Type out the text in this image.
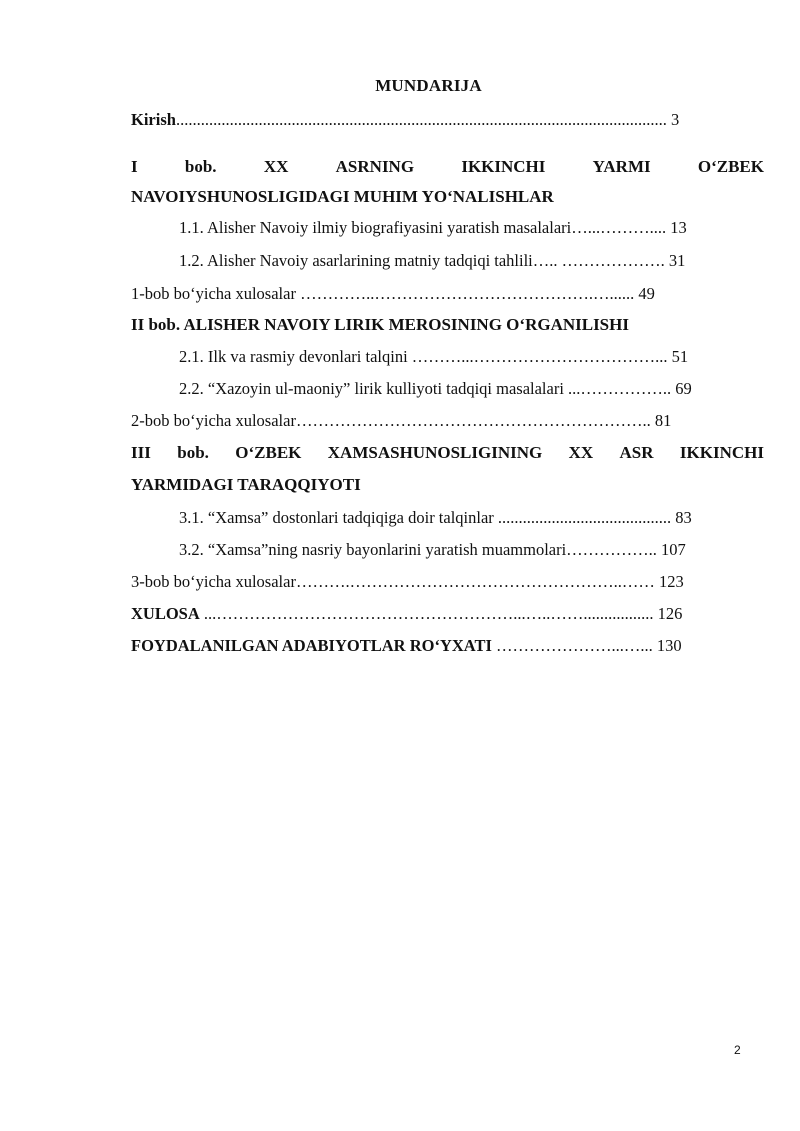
MUNDARIJA
Kirish....................................................................................................................... 3
I	bob.	XX	ASRNING	IKKINCHI	YARMI	O‘ZBEK
NAVOIYSHUNOSLIGIDAGI MUHIM YO‘NALISHLAR
1.1. Alisher Navoiy ilmiy biografiyasini yaratish masalalari…...……….... 13
1.2. Alisher Navoiy asarlarining matniy tadqiqi tahlili….. ………………. 31
1-bob bo‘yicha xulosalar …………..………………………………….…...... 49
II bob. ALISHER NAVOIY LIRIK MEROSINING O‘RGANILISHI
2.1. Ilk va rasmiy devonlari talqini ………...……………………………... 51
2.2. “Xazoyin ul-maoniy” lirik kulliyoti tadqiqi masalalari ...…………….. 69
2-bob bo‘yicha xulosalar……………………………………………………….. 81
III bob. O‘ZBEK XAMSASHUNOSLIGINING XX ASR IKKINCHI
YARMIDAGI TARAQQIYOTI
3.1. “Xamsa” dostonlari tadqiqiga doir talqinlar .......................................... 83
3.2. “Xamsa”ning nasriy bayonlarini yaratish muammolari…………….. 107
3-bob bo‘yicha xulosalar……….…………………………………………..…… 123
XULOSA ...………………………………………………...…..……................. 126
FOYDALANILGAN ADABIYOTLAR RO‘YXATI …………………...…... 130
2
